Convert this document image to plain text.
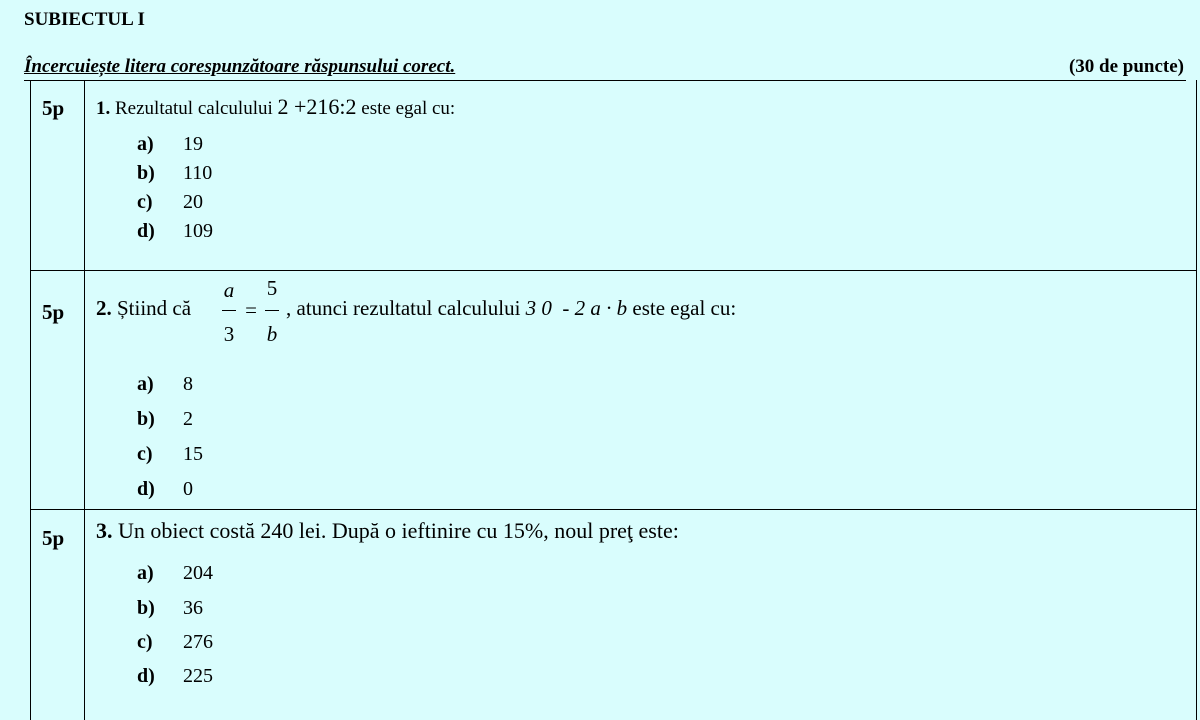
SUBIECTUL I
Încercuiește litera corespunzătoare răspunsului corect.	(30 de puncte)
5p 1. Rezultatul calculului 2 +216:2 este egal cu:
a) 19
b) 110
c) 20
d) 109
5p 2. Știind că
a
3
=
5
b
, atunci rezultatul calculului 3 0  - 2 a · b este egal cu:
a) 8
b) 2
c) 15
d) 0
5p 3. Un obiect costă 240 lei. După o ieftinire cu 15%, noul preţ este:
a) 204
b) 36
c) 276
d) 225
